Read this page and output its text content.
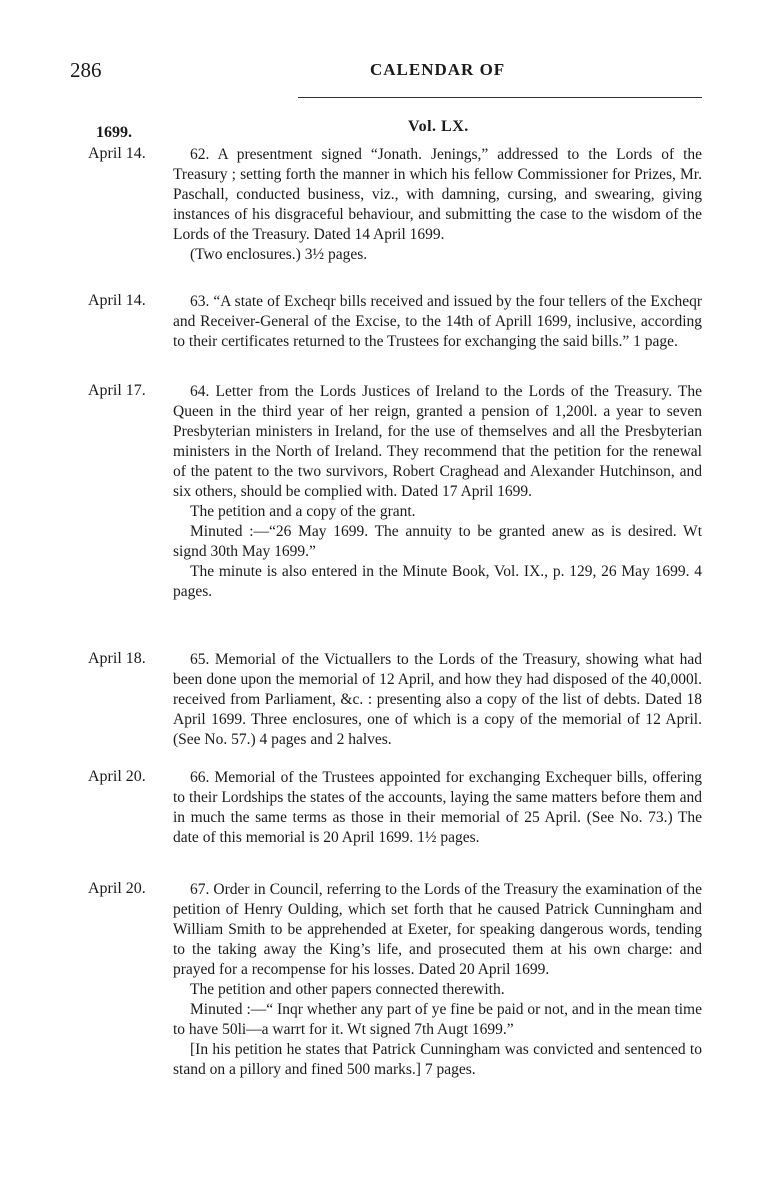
286	CALENDAR OF
Vol. LX.
1699.
April 14.	62. A presentment signed “Jonath. Jenings,” addressed to the Lords of the Treasury ; setting forth the manner in which his fellow Commissioner for Prizes, Mr. Paschall, conducted business, viz., with damning, cursing, and swearing, giving instances of his disgraceful behaviour, and submitting the case to the wisdom of the Lords of the Treasury. Dated 14 April 1699.

(Two enclosures.) 3½ pages.

April 14.	63. “A state of Excheqr bills received and issued by the four tellers of the Excheqr and Receiver-General of the Excise, to the 14th of Aprill 1699, inclusive, according to their certificates returned to the Trustees for exchanging the said bills.” 1 page.

April 17.	64. Letter from the Lords Justices of Ireland to the Lords of the Treasury. The Queen in the third year of her reign, granted a pension of 1,200l. a year to seven Presbyterian ministers in Ireland, for the use of themselves and all the Presbyterian ministers in the North of Ireland. They recommend that the petition for the renewal of the patent to the two survivors, Robert Craghead and Alexander Hutchinson, and six others, should be complied with. Dated 17 April 1699.

The petition and a copy of the grant.

Minuted :—“26 May 1699. The annuity to be granted anew as is desired. Wt signd 30th May 1699.”

The minute is also entered in the Minute Book, Vol. IX., p. 129, 26 May 1699. 4 pages.

April 18.	65. Memorial of the Victuallers to the Lords of the Treasury, showing what had been done upon the memorial of 12 April, and how they had disposed of the 40,000l. received from Parliament, &c. : presenting also a copy of the list of debts. Dated 18 April 1699. Three enclosures, one of which is a copy of the memorial of 12 April. (See No. 57.) 4 pages and 2 halves.

April 20.	66. Memorial of the Trustees appointed for exchanging Exchequer bills, offering to their Lordships the states of the accounts, laying the same matters before them and in much the same terms as those in their memorial of 25 April. (See No. 73.) The date of this memorial is 20 April 1699. 1½ pages.

April 20.	67. Order in Council, referring to the Lords of the Treasury the examination of the petition of Henry Oulding, which set forth that he caused Patrick Cunningham and William Smith to be apprehended at Exeter, for speaking dangerous words, tending to the taking away the King’s life, and prosecuted them at his own charge: and prayed for a recompense for his losses. Dated 20 April 1699.

The petition and other papers connected therewith.

Minuted :—“ Inqr whether any part of ye fine be paid or not, and in the mean time to have 50li—a warrt for it. Wt signed 7th Augt 1699.”

[In his petition he states that Patrick Cunningham was convicted and sentenced to stand on a pillory and fined 500 marks.] 7 pages.
